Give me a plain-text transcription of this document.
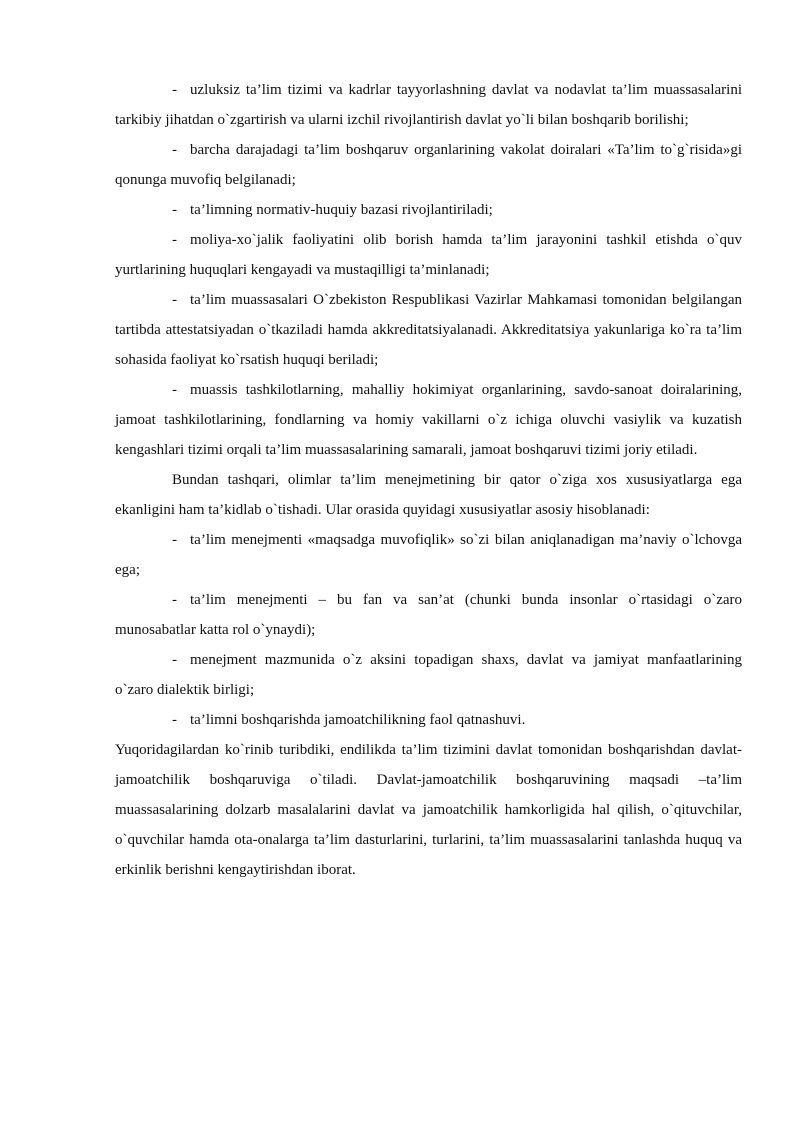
- uzluksiz ta’lim tizimi va kadrlar tayyorlashning davlat va nodavlat ta’lim muassasalarini tarkibiy jihatdan o`zgartirish va ularni izchil rivojlantirish davlat yo`li bilan boshqarib borilishi;

- barcha darajadagi ta’lim boshqaruv organlarining vakolat doiralari «Ta’lim to`g`risida»gi qonunga muvofiq belgilanadi;

- ta’limning normativ-huquiy bazasi rivojlantiriladi;

- moliya-xo`jalik faoliyatini olib borish hamda ta’lim jarayonini tashkil etishda o`quv yurtlarining huquqlari kengayadi va mustaqilligi ta’minlanadi;

- ta’lim muassasalari O`zbekiston Respublikasi Vazirlar Mahkamasi tomonidan belgilangan tartibda attestatsiyadan o`tkaziladi hamda akkreditatsiyalanadi. Akkreditatsiya yakunlariga ko`ra ta’lim sohasida faoliyat ko`rsatish huquqi beriladi;

- muassis tashkilotlarning, mahalliy hokimiyat organlarining, savdo-sanoat doiralarining, jamoat tashkilotlarining, fondlarning va homiy vakillarni o`z ichiga oluvchi vasiylik va kuzatish kengashlari tizimi orqali ta’lim muassasalarining samarali, jamoat boshqaruvi tizimi joriy etiladi.

Bundan tashqari, olimlar ta’lim menejmetining bir qator o`ziga xos xususiyatlarga ega ekanligini ham ta’kidlab o`tishadi. Ular orasida quyidagi xususiyatlar asosiy hisoblanadi:

- ta’lim menejmenti «maqsadga muvofiqlik» so`zi bilan aniqlanadigan ma’naviy o`lchovga ega;

- ta’lim menejmenti – bu fan va san’at (chunki bunda insonlar o`rtasidagi o`zaro munosabatlar katta rol o`ynaydi);

- menejment mazmunida o`z aksini topadigan shaxs, davlat va jamiyat manfaatlarining o`zaro dialektik birligi;

- ta’limni boshqarishda jamoatchilikning faol qatnashuvi.

Yuqoridagilardan ko`rinib turibdiki, endilikda ta’lim tizimini davlat tomonidan boshqarishdan davlat-jamoatchilik boshqaruviga o`tiladi. Davlat-jamoatchilik boshqaruvining maqsadi –ta’lim muassasalarining dolzarb masalalarini davlat va jamoatchilik hamkorligida hal qilish, o`qituvchilar, o`quvchilar hamda ota-onalarga ta’lim dasturlarini, turlarini, ta’lim muassasalarini tanlashda huquq va erkinlik berishni kengaytirishdan iborat.
